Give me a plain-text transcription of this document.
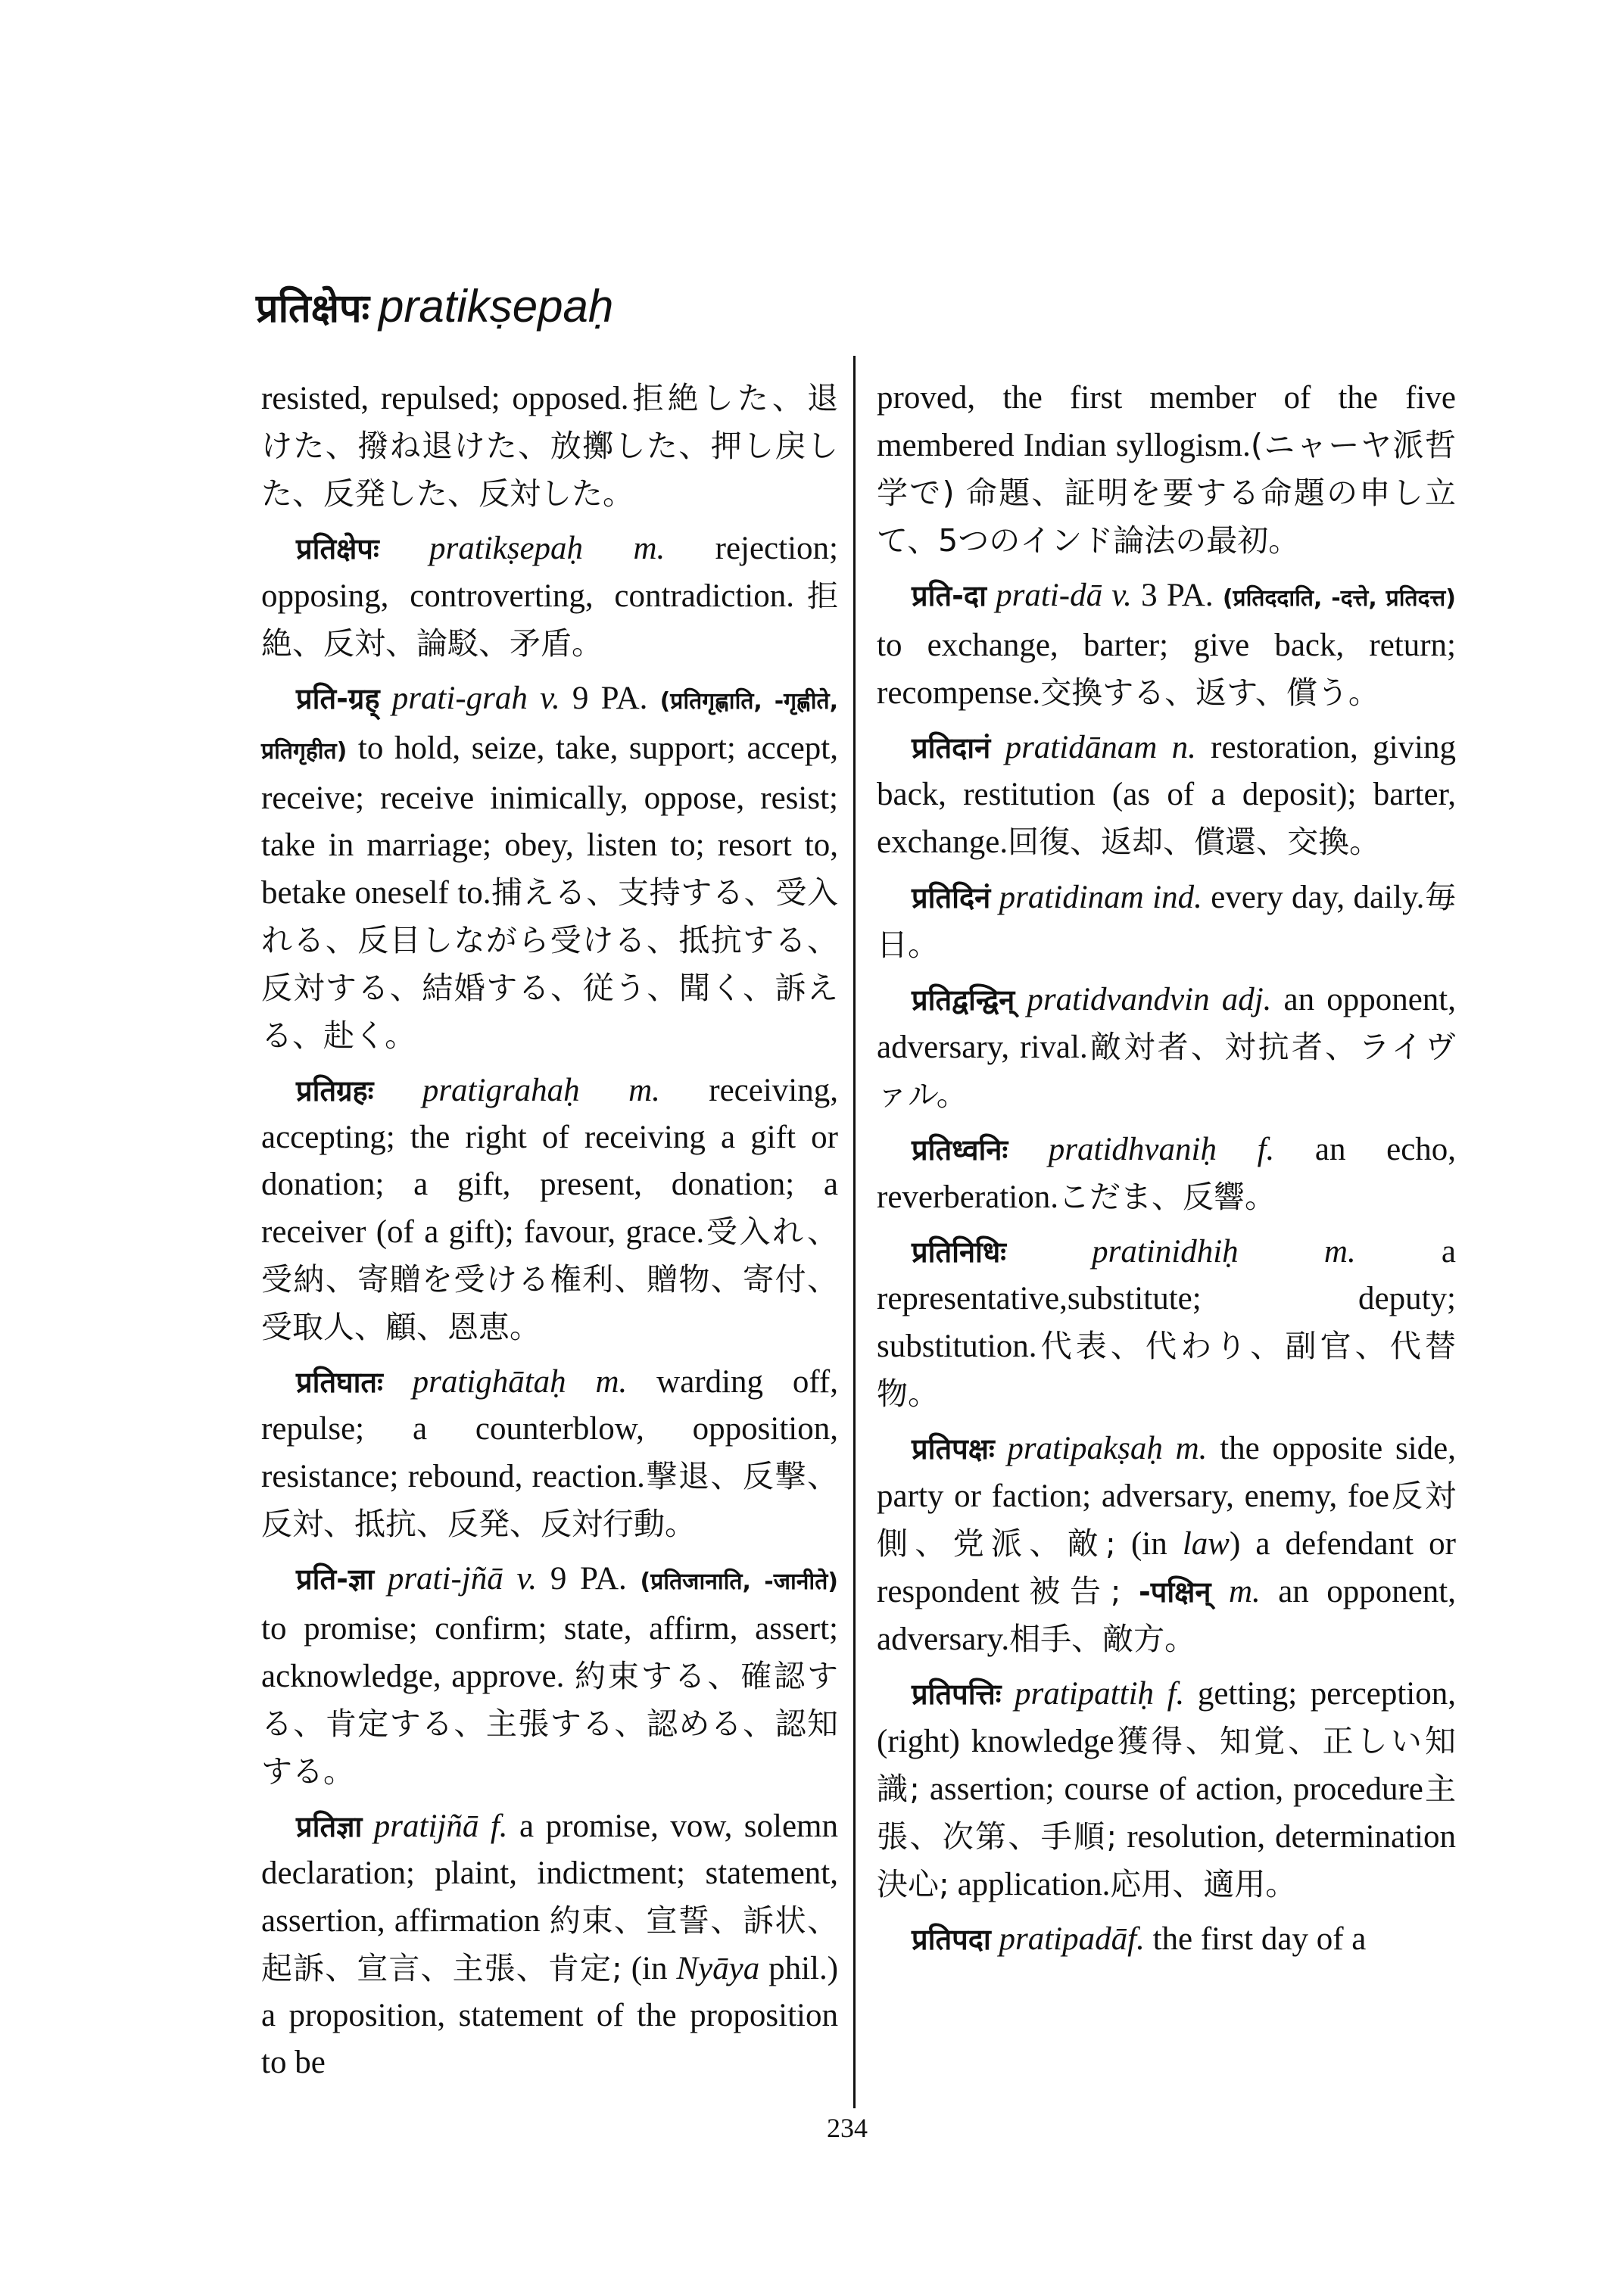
प्रतिक्षेपः pratikṣepaḥ

resisted, repulsed; opposed.拒絶した、退けた、撥ね退けた、放擲した、押し戻した、反発した、反対した。

प्रतिक्षेपः pratikṣepaḥ m. rejection; opposing, controverting, contradiction.拒絶、反対、論駁、矛盾。

प्रति-ग्रह् prati-grah v. 9 PA. (प्रतिगृह्णाति, -गृह्णीते, प्रतिगृहीत) to hold, seize, take, support; accept, receive; receive inimically, oppose, resist; take in marriage; obey, listen to; resort to, betake oneself to.捕える、支持する、受入れる、反目しながら受ける、抵抗する、反対する、結婚する、従う、聞く、訴える、赴く。

प्रतिग्रहः pratigrahaḥ m. receiving, accepting; the right of receiving a gift or donation; a gift, present, donation; a receiver (of a gift); favour, grace.受入れ、受納、寄贈を受ける権利、贈物、寄付、受取人、顧、恩恵。

प्रतिघातः pratighātaḥ m. warding off, repulse; a counterblow, opposition, resistance; rebound, reaction.撃退、反撃、反対、抵抗、反発、反対行動。

प्रति-ज्ञा prati-jñā v. 9 PA. (प्रतिजानाति, -जानीते) to promise; confirm; state, affirm, assert; acknowledge, approve. 約束する、確認する、肯定する、主張する、認める、認知する。

प्रतिज्ञा pratijñā f. a promise, vow, solemn declaration; plaint, indictment; statement, assertion, affirmation 約束、宣誓、訴状、起訴、宣言、主張、肯定; (in Nyāya phil.) a proposition, statement of the proposition to be

proved, the first member of the five membered Indian syllogism.(ニャーヤ派哲学で) 命題、証明を要する命題の申し立て、5つのインド論法の最初。

प्रति-दा prati-dā v. 3 PA. (प्रतिददाति, -दत्ते, प्रतिदत्त) to exchange, barter; give back, return; recompense.交換する、返す、償う。

प्रतिदानं pratidānam n. restoration, giving back, restitution (as of a deposit); barter, exchange.回復、返却、償還、交換。

प्रतिदिनं pratidinam ind. every day, daily.毎日。

प्रतिद्वन्द्विन् pratidvandvin adj. an opponent, adversary, rival.敵対者、対抗者、ライヴァル。

प्रतिध्वनिः pratidhvaniḥ f. an echo, reverberation.こだま、反響。

प्रतिनिधिः	pratinidhiḥ	m.	a representative,substitute; deputy; substitution.代表、代わり、副官、代替物。

प्रतिपक्षः pratipakṣaḥ m. the opposite side, party or faction; adversary, enemy, foe反対側、党派、敵; (in law) a defendant or respondent被告; -पक्षिन् m. an opponent, adversary.相手、敵方。

प्रतिपत्तिः pratipattiḥ f. getting; perception,(right) knowledge獲得、知覚、正しい知識; assertion; course of action, procedure主張、次第、手順; resolution, determination 決心; application.応用、適用。

प्रतिपदा pratipadāf. the first day of a

234
